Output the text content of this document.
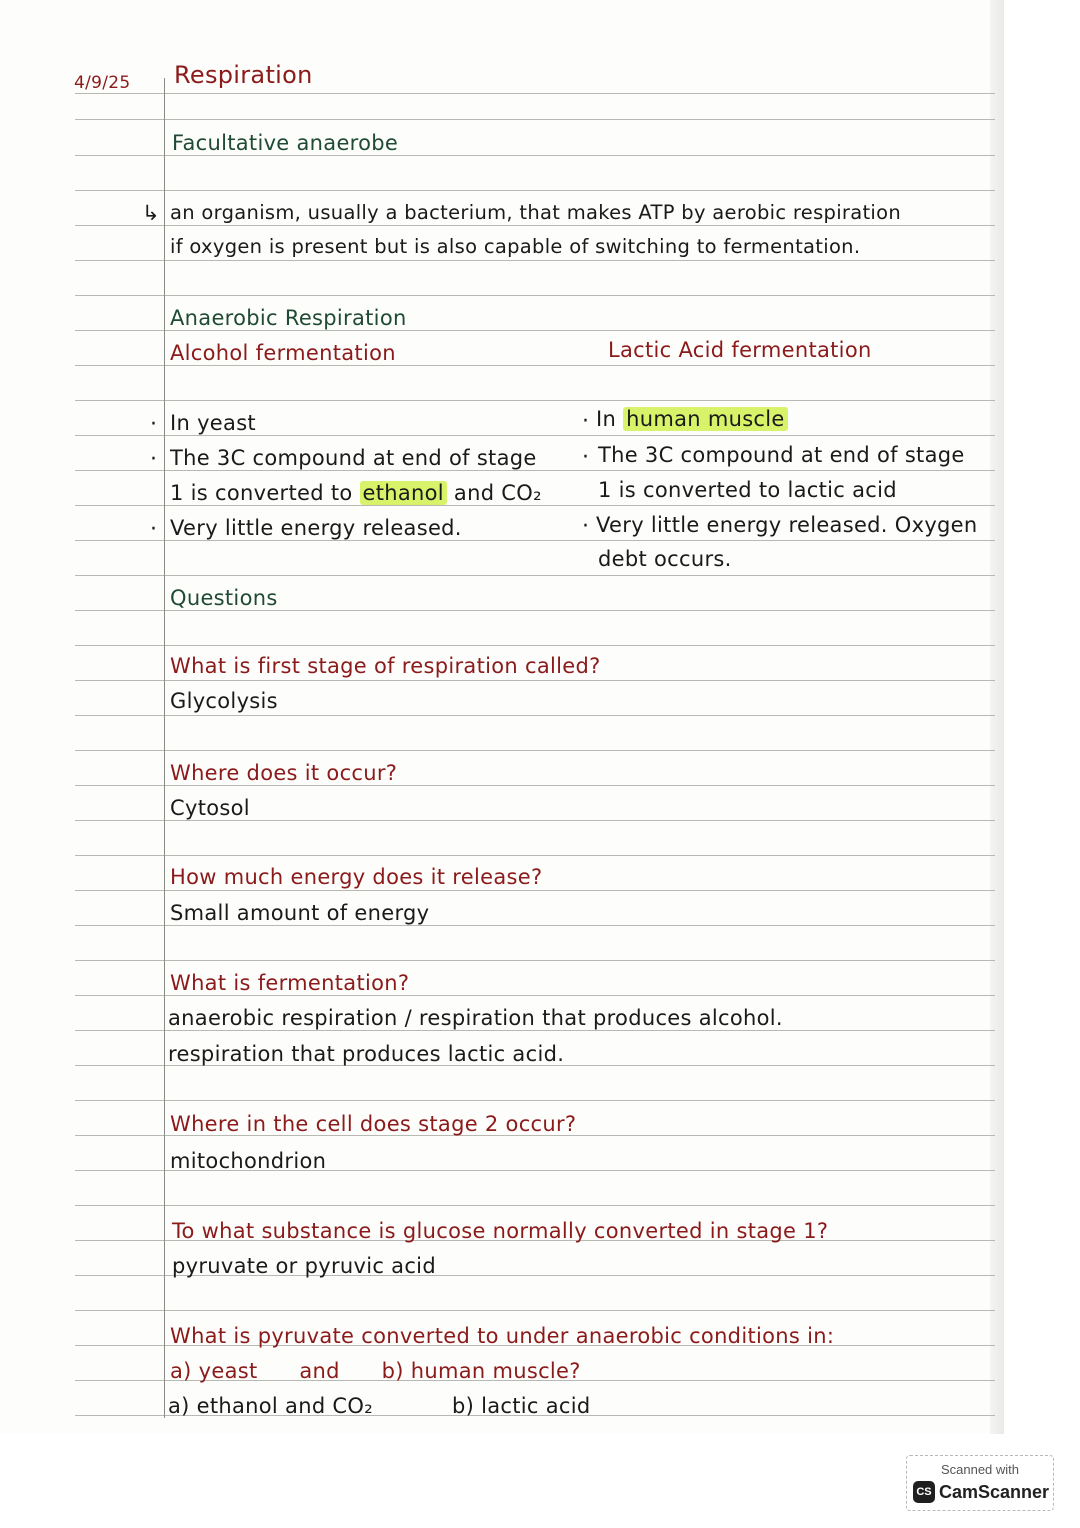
4/9/25 Respiration
Facultative anaerobe
↳ an organism, usually a bacterium, that makes ATP by aerobic respiration
if oxygen is present but is also capable of switching to fermentation.
Anaerobic Respiration
Alcohol fermentation	Lactic Acid fermentation
· In yeast
· The 3C compound at end of stage
1 is converted to ethanol and CO₂
· Very little energy released.
· In human muscle
· The 3C compound at end of stage
1 is converted to lactic acid
· Very little energy released. Oxygen
debt occurs.
Questions
What is first stage of respiration called?
Glycolysis
Where does it occur?
Cytosol
How much energy does it release?
Small amount of energy
What is fermentation?
anaerobic respiration / respiration that produces alcohol.
respiration that produces lactic acid.
Where in the cell does stage 2 occur?
mitochondrion
To what substance is glucose normally converted in stage 1?
pyruvate or pyruvic acid
What is pyruvate converted to under anaerobic conditions in:
a) yeast      and      b) human muscle?
a) ethanol and CO₂	b) lactic acid
Scanned with
CS CamScanner
